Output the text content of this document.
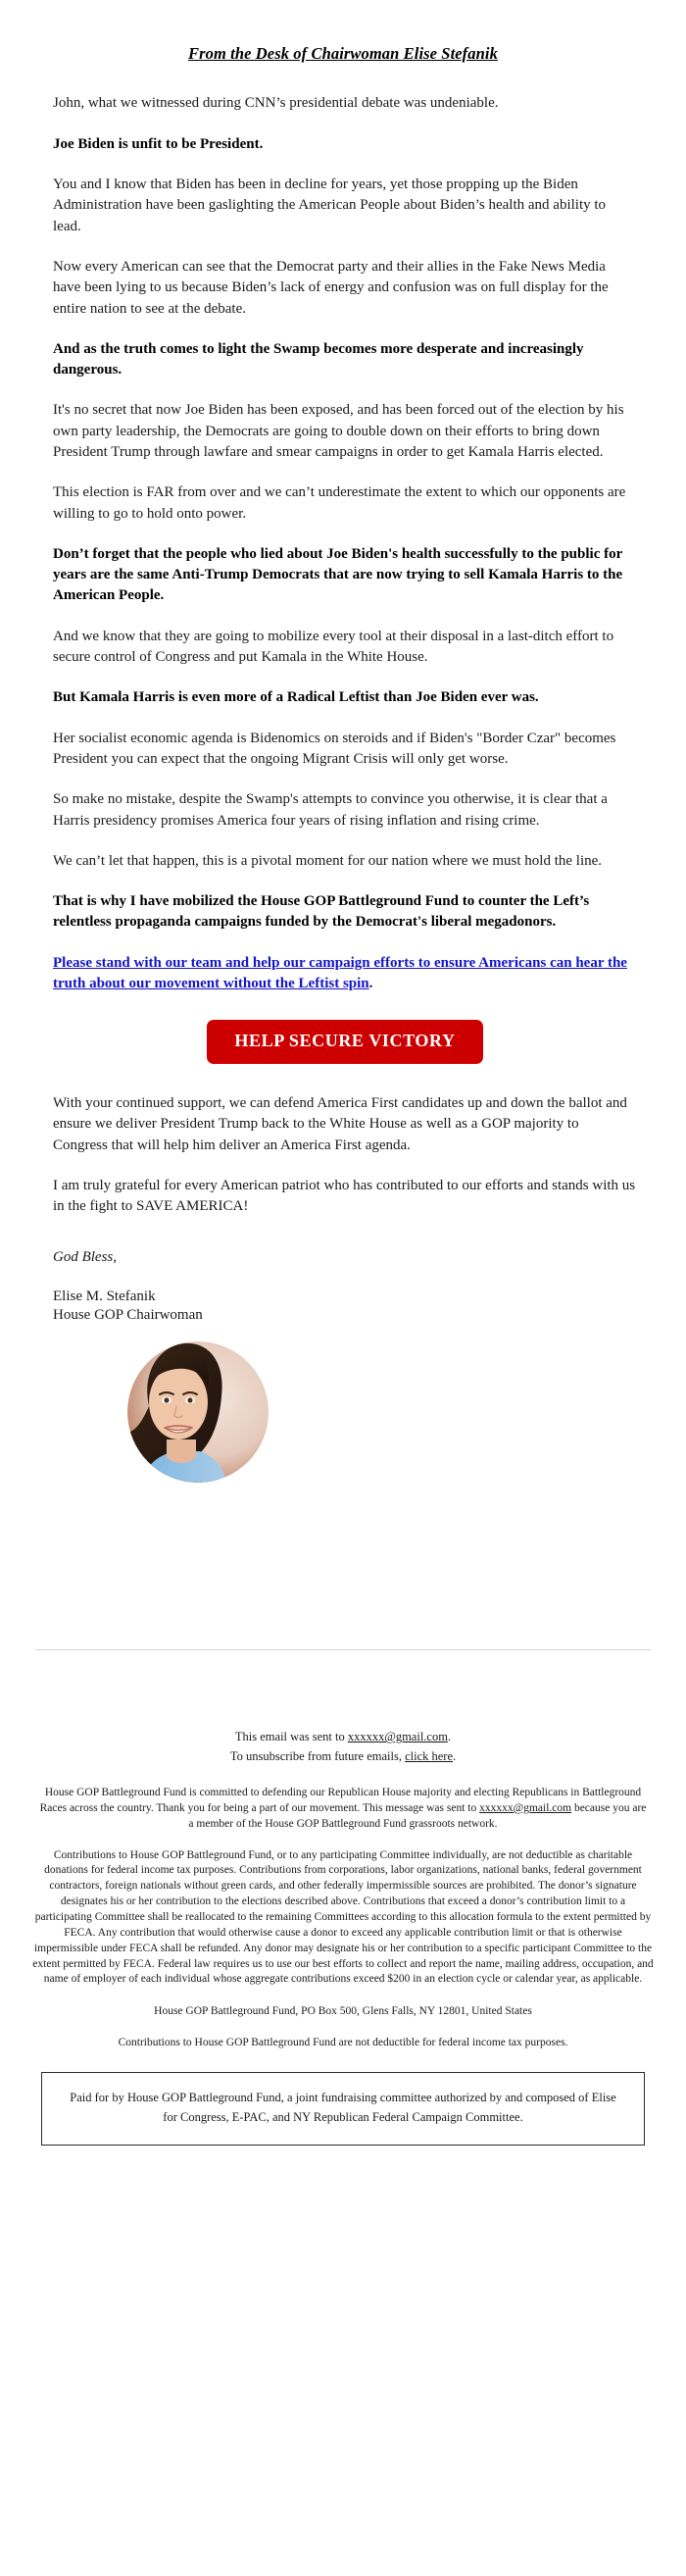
From the Desk of Chairwoman Elise Stefanik

John, what we witnessed during CNN’s presidential debate was undeniable.

Joe Biden is unfit to be President.

You and I know that Biden has been in decline for years, yet those propping up the Biden Administration have been gaslighting the American People about Biden’s health and ability to lead.

Now every American can see that the Democrat party and their allies in the Fake News Media have been lying to us because Biden’s lack of energy and confusion was on full display for the entire nation to see at the debate.

And as the truth comes to light the Swamp becomes more desperate and increasingly dangerous.

It's no secret that now Joe Biden has been exposed, and has been forced out of the election by his own party leadership, the Democrats are going to double down on their efforts to bring down President Trump through lawfare and smear campaigns in order to get Kamala Harris elected.

This election is FAR from over and we can’t underestimate the extent to which our opponents are willing to go to hold onto power.

Don’t forget that the people who lied about Joe Biden's health successfully to the public for years are the same Anti-Trump Democrats that are now trying to sell Kamala Harris to the American People.

And we know that they are going to mobilize every tool at their disposal in a last-ditch effort to secure control of Congress and put Kamala in the White House.

But Kamala Harris is even more of a Radical Leftist than Joe Biden ever was.

Her socialist economic agenda is Bidenomics on steroids and if Biden's "Border Czar" becomes President you can expect that the ongoing Migrant Crisis will only get worse.

So make no mistake, despite the Swamp's attempts to convince you otherwise, it is clear that a Harris presidency promises America four years of rising inflation and rising crime.

We can’t let that happen, this is a pivotal moment for our nation where we must hold the line.

That is why I have mobilized the House GOP Battleground Fund to counter the Left’s relentless propaganda campaigns funded by the Democrat's liberal megadonors.

Please stand with our team and help our campaign efforts to ensure Americans can hear the truth about our movement without the Leftist spin.

HELP SECURE VICTORY

With your continued support, we can defend America First candidates up and down the ballot and ensure we deliver President Trump back to the White House as well as a GOP majority to Congress that will help him deliver an America First agenda.

I am truly grateful for every American patriot who has contributed to our efforts and stands with us in the fight to SAVE AMERICA!

God Bless,
Elise M. Stefanik
House GOP Chairwoman
This email was sent to xxxxxx@gmail.com.
To unsubscribe from future emails, click here.
House GOP Battleground Fund is committed to defending our Republican House majority and electing Republicans in Battleground Races across the country. Thank you for being a part of our movement. This message was sent to xxxxxx@gmail.com because you are a member of the House GOP Battleground Fund grassroots network.
Contributions to House GOP Battleground Fund, or to any participating Committee individually, are not deductible as charitable donations for federal income tax purposes. Contributions from corporations, labor organizations, national banks, federal government contractors, foreign nationals without green cards, and other federally impermissible sources are prohibited. The donor’s signature designates his or her contribution to the elections described above. Contributions that exceed a donor’s contribution limit to a participating Committee shall be reallocated to the remaining Committees according to this allocation formula to the extent permitted by FECA. Any contribution that would otherwise cause a donor to exceed any applicable contribution limit or that is otherwise impermissible under FECA shall be refunded. Any donor may designate his or her contribution to a specific participant Committee to the extent permitted by FECA. Federal law requires us to use our best efforts to collect and report the name, mailing address, occupation, and name of employer of each individual whose aggregate contributions exceed $200 in an election cycle or calendar year, as applicable.
House GOP Battleground Fund, PO Box 500, Glens Falls, NY 12801, United States
Contributions to House GOP Battleground Fund are not deductible for federal income tax purposes.
Paid for by House GOP Battleground Fund, a joint fundraising committee authorized by and composed of Elise for Congress, E-PAC, and NY Republican Federal Campaign Committee.
